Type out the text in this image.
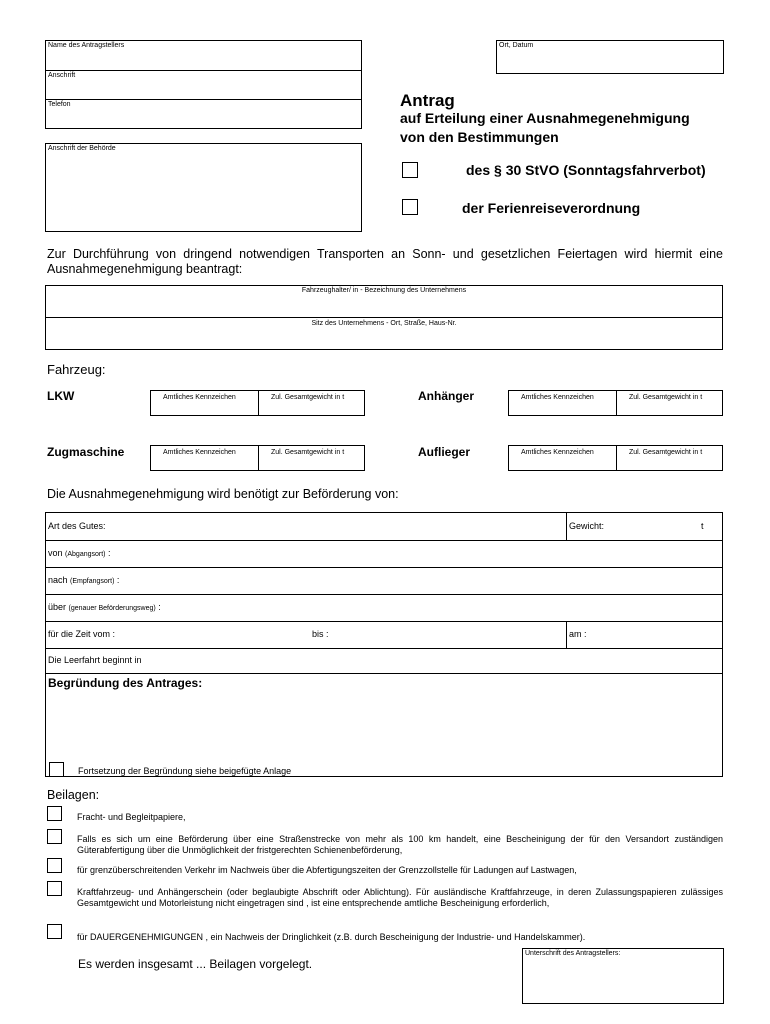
Name des Antragstellers
Anschrift
Telefon
Anschrift der Behörde
Ort, Datum
Antrag
auf Erteilung einer Ausnahmegenehmigung
von den Bestimmungen
des § 30 StVO (Sonntagsfahrverbot)
der Ferienreiseverordnung
Zur Durchführung von dringend notwendigen Transporten an Sonn- und gesetzlichen Feiertagen wird hiermit eine Ausnahmegenehmigung beantragt:
Fahrzeughalter/ in - Bezeichnung des Unternehmens
Sitz des Unternehmens - Ort, Straße, Haus-Nr.
Fahrzeug:
LKW	Amtliches Kennzeichen	Zul. Gesamtgewicht in t	Anhänger	Amtliches Kennzeichen	Zul. Gesamtgewicht in t
Zugmaschine	Amtliches Kennzeichen	Zul. Gesamtgewicht in t	Auflieger	Amtliches Kennzeichen	Zul. Gesamtgewicht in t
Die Ausnahmegenehmigung wird benötigt zur Beförderung von:
Art des Gutes:	Gewicht:	t
von (Abgangsort) :
nach (Empfangsort) :
über (genauer Beförderungsweg) :
für die Zeit vom :	bis :	am :
Die Leerfahrt beginnt in
Begründung des Antrages:
Fortsetzung der Begründung siehe beigefügte Anlage
Beilagen:
Fracht- und Begleitpapiere,
Falls es sich um eine Beförderung über eine Straßenstrecke von mehr als 100 km handelt, eine Bescheinigung der für den Versandort zuständigen Güterabfertigung über die Unmöglichkeit der fristgerechten Schienenbeförderung,
für grenzüberschreitenden Verkehr im Nachweis über die Abfertigungszeiten der Grenzzollstelle für Ladungen auf Lastwagen,
Kraftfahrzeug- und Anhängerschein (oder beglaubigte Abschrift oder Ablichtung). Für ausländische Kraftfahrzeuge, in deren Zulassungspapieren zulässiges Gesamtgewicht und Motorleistung nicht eingetragen sind , ist eine entsprechende amtliche Bescheinigung erforderlich,
für DAUERGENEHMIGUNGEN , ein Nachweis der Dringlichkeit (z.B. durch Bescheinigung der Industrie- und Handelskammer).
Es werden insgesamt ... Beilagen vorgelegt.
Unterschrift des Antragstellers:
